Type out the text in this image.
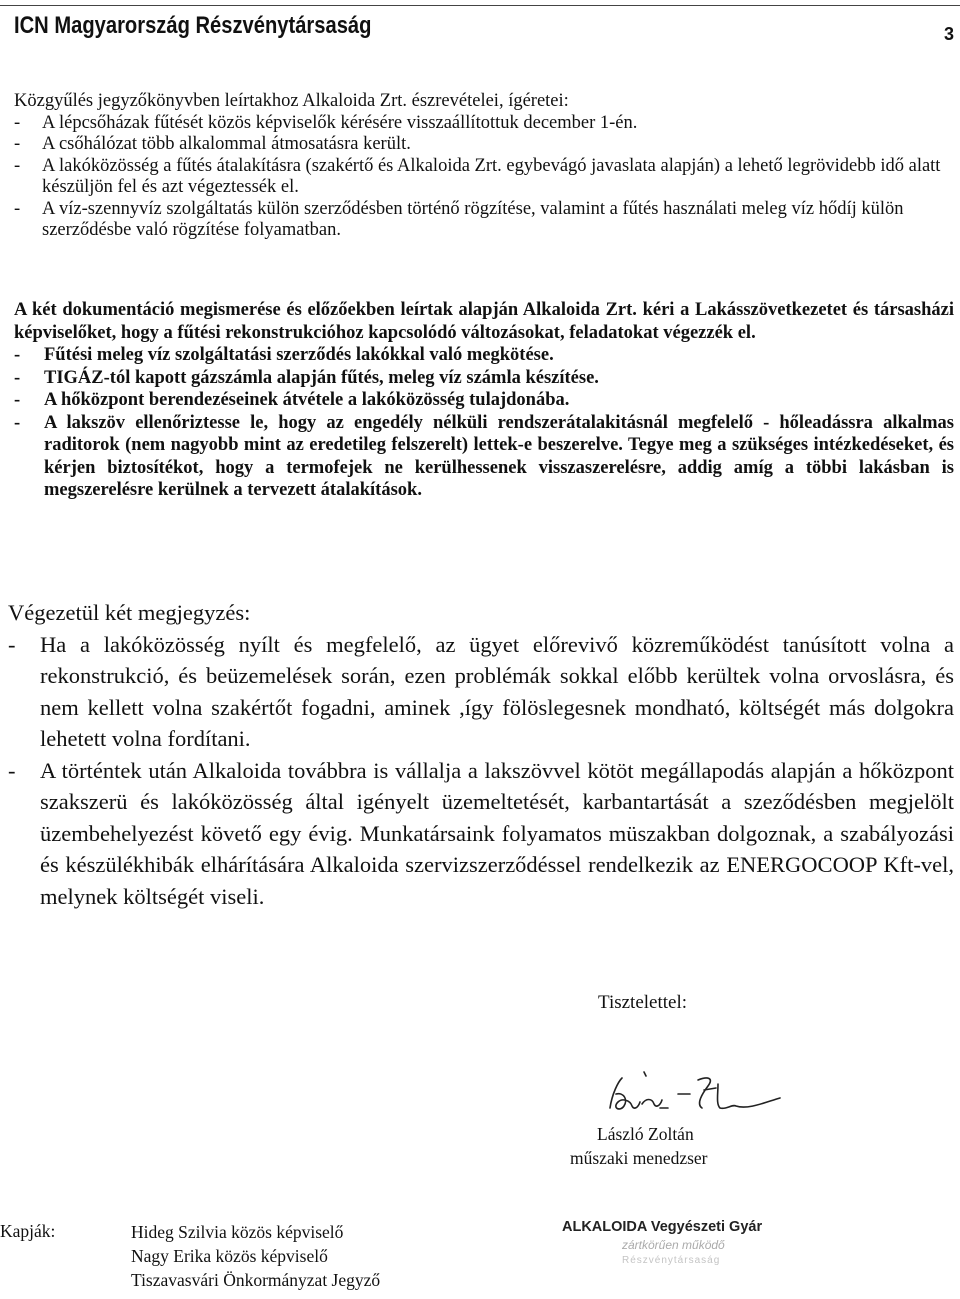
ICN Magyarország Részvénytársaság	3
Közgyűlés jegyzőkönyvben leírtakhoz Alkaloida Zrt. észrevételei, ígéretei:
-	A lépcsőházak fűtését közös képviselők kérésére visszaállítottuk december 1-én.
-	A csőhálózat több alkalommal átmosatásra került.
-	A lakóközösség a fűtés átalakításra (szakértő és Alkaloida Zrt. egybevágó javaslata alapján) a lehető legrövidebb idő alatt készüljön fel és azt végeztessék el.
-	A víz-szennyvíz szolgáltatás külön szerződésben történő rögzítése, valamint a fűtés használati meleg víz hődíj külön szerződésbe való rögzítése folyamatban.
A két dokumentáció megismerése és előzőekben leírtak alapján Alkaloida Zrt. kéri a Lakásszövetkezetet és társasházi képviselőket, hogy a fűtési rekonstrukcióhoz kapcsolódó változásokat, feladatokat végezzék el.
-	Fűtési meleg víz szolgáltatási szerződés lakókkal való megkötése.
-	TIGÁZ-tól kapott gázszámla alapján fűtés, meleg víz számla készítése.
-	A hőközpont berendezéseinek átvétele a lakóközösség tulajdonába.
-	A lakszöv ellenőriztesse le, hogy az engedély nélküli rendszerátalakitásnál megfelelő - hőleadássra alkalmas raditorok (nem nagyobb mint az eredetileg felszerelt) lettek-e beszerelve. Tegye meg a szükséges intézkedéseket, és kérjen biztosítékot, hogy a termofejek ne kerülhessenek visszaszerelésre, addig amíg a többi lakásban is megszerelésre kerülnek a tervezett átalakítások.
Végezetül két megjegyzés:
-	Ha a lakóközösség nyílt és megfelelő, az ügyet előrevivő közreműködést tanúsított volna a rekonstrukció, és beüzemelések során, ezen problémák sokkal előbb kerültek volna orvoslásra, és nem kellett volna szakértőt fogadni, aminek ,így fölöslegesnek mondható, költségét más dolgokra lehetett volna fordítani.
-	A történtek után Alkaloida továbbra is vállalja a lakszövvel kötöt megállapodás alapján a hőközpont szakszerü és lakóközösség által igényelt üzemeltetését, karbantartását a szeződésben megjelölt üzembehelyezést követő egy évig. Munkatársaink folyamatos müszakban dolgoznak, a szabályozási és készülékhibák elhárítására Alkaloida szervizszerződéssel rendelkezik az ENERGOCOOP Kft-vel, melynek költségét viseli.
Tisztelettel:
László Zoltán
műszaki menedzser
Kapják:	Hideg Szilvia közös képviselő
Nagy Erika közös képviselő
Tiszavasvári Önkormányzat Jegyző
ALKALOIDA Vegyészeti Gyár
zártkörűen működő
Részvénytársaság
